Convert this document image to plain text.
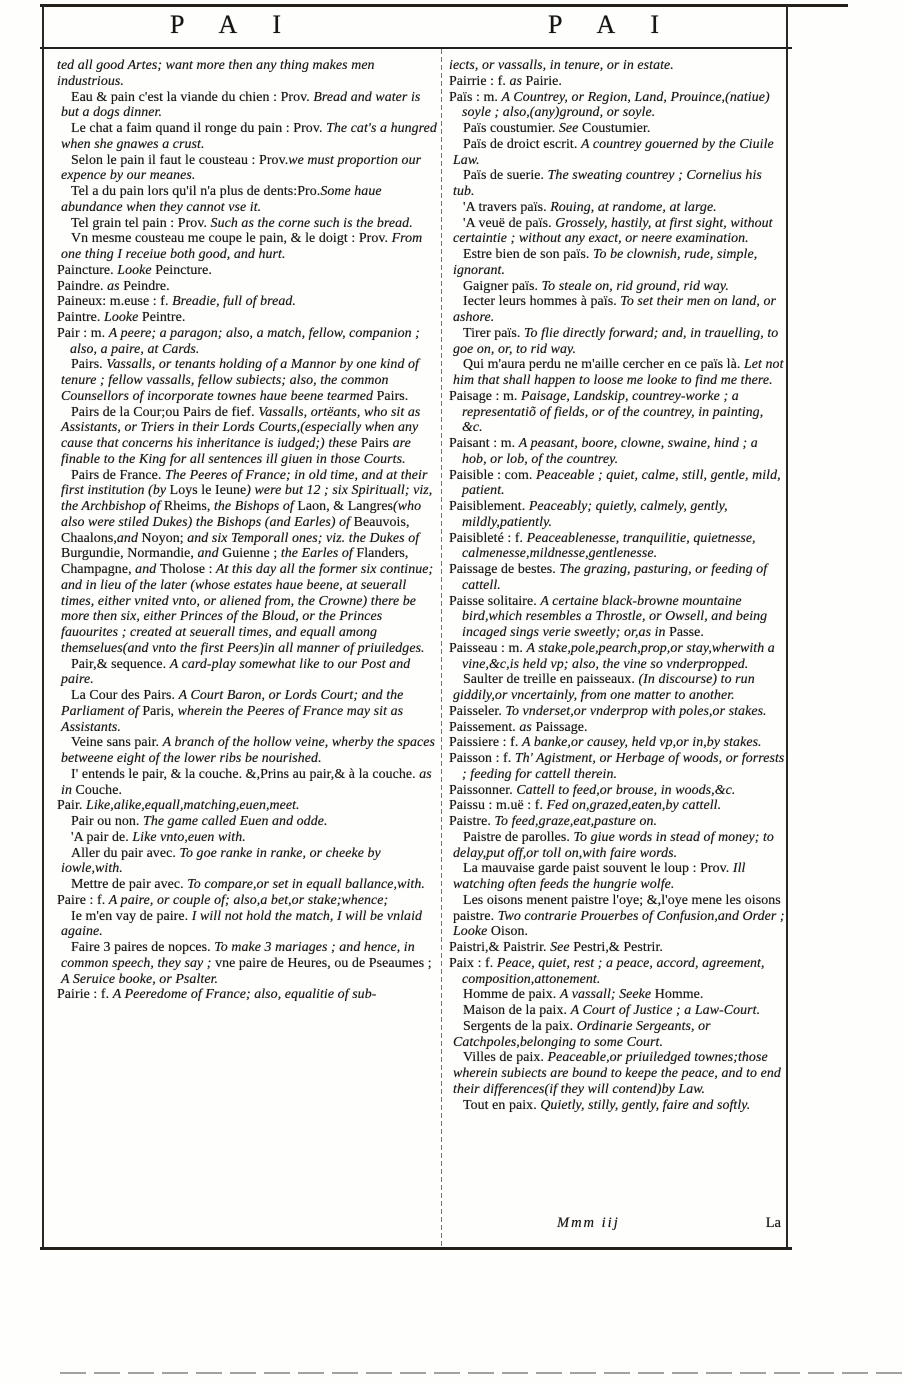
P A I	P A I

ted all good Artes; want more then any thing makes men industrious.

Eau & pain c'est la viande du chien : Prov. Bread and water is but a dogs dinner.

Le chat a faim quand il ronge du pain : Prov. The cat's a hungred when she gnawes a crust.

Selon le pain il faut le cousteau : Prov.we must proportion our expence by our meanes.

Tel a du pain lors qu'il n'a plus de dents:Pro.Some haue abundance when they cannot vse it.

Tel grain tel pain : Prov. Such as the corne such is the bread.

Vn mesme cousteau me coupe le pain, & le doigt : Prov. From one thing I receiue both good, and hurt.

Paincture. Looke Peincture.

Paindre. as Peindre.

Paineux: m.euse : f. Breadie, full of bread.

Paintre. Looke Peintre.

Pair : m. A peere; a paragon; also, a match, fellow, companion ; also, a paire, at Cards.

Pairs. Vassalls, or tenants holding of a Mannor by one kind of tenure ; fellow vassalls, fellow subiects; also, the common Counsellors of incorporate townes haue beene tearmed Pairs.

Pairs de la Cour;ou Pairs de fief. Vassalls, ortëants, who sit as Assistants, or Triers in their Lords Courts,(especially when any cause that concerns his inheritance is iudged;) these Pairs are finable to the King for all sentences ill giuen in those Courts.

Pairs de France. The Peeres of France; in old time, and at their first institution (by Loys le Ieune) were but 12 ; six Spirituall; viz, the Archbishop of Rheims, the Bishops of Laon, & Langres(who also were stiled Dukes) the Bishops (and Earles) of Beauvois, Chaalons,and Noyon; and six Temporall ones; viz. the Dukes of Burgundie, Normandie, and Guienne ; the Earles of Flanders, Champagne, and Tholose : At this day all the former six continue; and in lieu of the later (whose estates haue beene, at seuerall times, either vnited vnto, or aliened from, the Crowne) there be more then six, either Princes of the Bloud, or the Princes fauourites ; created at seuerall times, and equall among themselues(and vnto the first Peers)in all manner of priuiledges.

Pair,& sequence. A card-play somewhat like to our Post and paire.

La Cour des Pairs. A Court Baron, or Lords Court; and the Parliament of Paris, wherein the Peeres of France may sit as Assistants.

Veine sans pair. A branch of the hollow veine, wherby the spaces betweene eight of the lower ribs be nourished.

I' entends le pair, & la couche. &,Prins au pair,& à la couche. as in Couche.

Pair. Like,alike,equall,matching,euen,meet.

Pair ou non. The game called Euen and odde.

'A pair de. Like vnto,euen with.

Aller du pair avec. To goe ranke in ranke, or cheeke by iowle,with.

Mettre de pair avec. To compare,or set in equall ballance,with.

Paire : f. A paire, or couple of; also,a bet,or stake;whence;

Ie m'en vay de paire. I will not hold the match, I will be vnlaid againe.

Faire 3 paires de nopces. To make 3 mariages ; and hence, in common speech, they say ; vne paire de Heures, ou de Pseaumes ; A Seruice booke, or Psalter.

Pairie : f. A Peeredome of France; also, equalitie of sub-

iects, or vassalls, in tenure, or in estate.

Pairrie : f. as Pairie.

Païs : m. A Countrey, or Region, Land, Prouince,(natiue) soyle ; also,(any)ground, or soyle.

Païs coustumier. See Coustumier.

Païs de droict escrit. A countrey gouerned by the Ciuile Law.

Païs de suerie. The sweating countrey ; Cornelius his tub.

'A travers païs. Rouing, at randome, at large.

'A veuë de païs. Grossely, hastily, at first sight, without certaintie ; without any exact, or neere examination.

Estre bien de son païs. To be clownish, rude, simple, ignorant.

Gaigner païs. To steale on, rid ground, rid way.

Iecter leurs hommes à païs. To set their men on land, or ashore.

Tirer païs. To flie directly forward; and, in trauelling, to goe on, or, to rid way.

Qui m'aura perdu ne m'aille cercher en ce païs là. Let not him that shall happen to loose me looke to find me there.

Paisage : m. Paisage, Landskip, countrey-worke ; a representatiõ of fields, or of the countrey, in painting, &c.

Paisant : m. A peasant, boore, clowne, swaine, hind ; a hob, or lob, of the countrey.

Paisible : com. Peaceable ; quiet, calme, still, gentle, mild, patient.

Paisiblement. Peaceably; quietly, calmely, gently, mildly,patiently.

Paisibleté : f. Peaceablenesse, tranquilitie, quietnesse, calmenesse,mildnesse,gentlenesse.

Paissage de bestes. The grazing, pasturing, or feeding of cattell.

Paisse solitaire. A certaine black-browne mountaine bird,which resembles a Throstle, or Owsell, and being incaged sings verie sweetly; or,as in Passe.

Paisseau : m. A stake,pole,pearch,prop,or stay,wherwith a vine,&c,is held vp; also, the vine so vnderpropped.

Saulter de treille en paisseaux. (In discourse) to run giddily,or vncertainly, from one matter to another.

Paisseler. To vnderset,or vnderprop with poles,or stakes.

Paissement. as Paissage.

Paissiere : f. A banke,or causey, held vp,or in,by stakes.

Paisson : f. Th' Agistment, or Herbage of woods, or forrests ; feeding for cattell therein.

Paissonner. Cattell to feed,or brouse, in woods,&c.

Paissu : m.uë : f. Fed on,grazed,eaten,by cattell.

Paistre. To feed,graze,eat,pasture on.

Paistre de parolles. To giue words in stead of money; to delay,put off,or toll on,with faire words.

La mauvaise garde paist souvent le loup : Prov. Ill watching often feeds the hungrie wolfe.

Les oisons menent paistre l'oye; &,l'oye mene les oisons paistre. Two contrarie Prouerbes of Confusion,and Order ; Looke Oison.

Paistri,& Paistrir. See Pestri,& Pestrir.

Paix : f. Peace, quiet, rest ; a peace, accord, agreement, composition,attonement.

Homme de paix. A vassall; Seeke Homme.

Maison de la paix. A Court of Justice ; a Law-Court.

Sergents de la paix. Ordinarie Sergeants, or Catchpoles,belonging to some Court.

Villes de paix. Peaceable,or priuiledged townes;those wherein subiects are bound to keepe the peace, and to end their differences(if they will contend)by Law.

Tout en paix. Quietly, stilly, gently, faire and softly.

Mmm iij	La
